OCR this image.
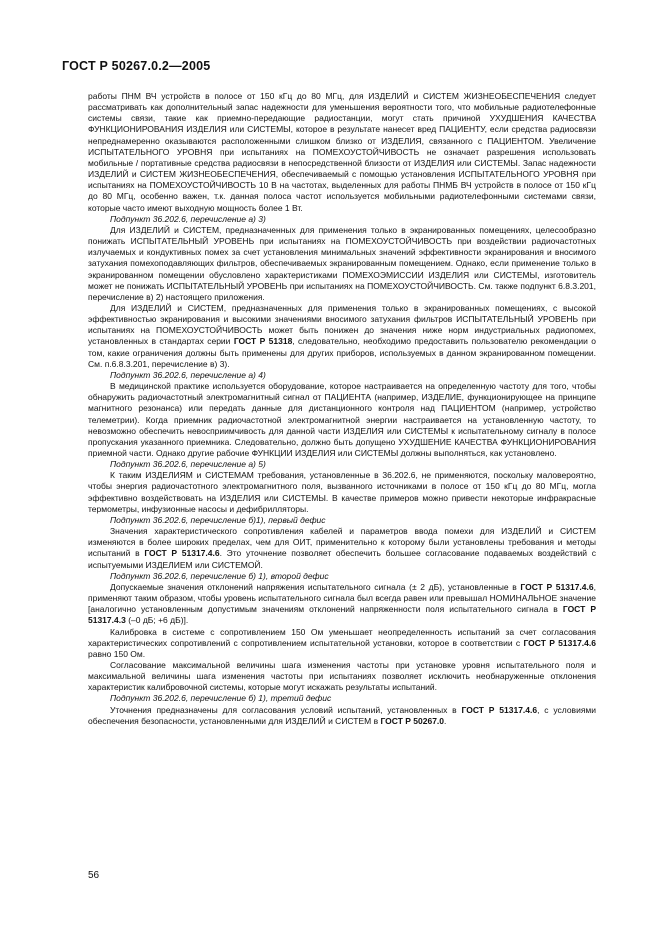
ГОСТ Р 50267.0.2—2005

работы ПНМ ВЧ устройств в полосе от 150 кГц до 80 МГц, для ИЗДЕЛИЙ и СИСТЕМ ЖИЗНЕОБЕСПЕЧЕНИЯ следует рассматривать как дополнительный запас надежности для уменьшения вероятности того, что мобильные радиотелефонные системы связи, такие как приемно-передающие радиостанции, могут стать причиной УХУДШЕНИЯ КАЧЕСТВА ФУНКЦИОНИРОВАНИЯ ИЗДЕЛИЯ или СИСТЕМЫ, которое в результате нанесет вред ПАЦИЕНТУ, если средства радиосвязи непреднамеренно оказываются расположенными слишком близко от ИЗДЕЛИЯ, связанного с ПАЦИЕНТОМ. Увеличение ИСПЫТАТЕЛЬНОГО УРОВНЯ при испытаниях на ПОМЕХОУСТОЙЧИВОСТЬ не означает разрешения использовать мобильные / портативные средства радиосвязи в непосредственной близости от ИЗДЕЛИЯ или СИСТЕМЫ. Запас надежности ИЗДЕЛИЙ и СИСТЕМ ЖИЗНЕОБЕСПЕЧЕНИЯ, обеспечиваемый с помощью установления ИСПЫТАТЕЛЬНОГО УРОВНЯ при испытаниях на ПОМЕХОУСТОЙЧИВОСТЬ 10 В на частотах, выделенных для работы ПНМБ ВЧ устройств в полосе от 150 кГц до 80 МГц, особенно важен, т.к. данная полоса частот используется мобильными радиотелефонными системами связи, которые часто имеют выходную мощность более 1 Вт.

Подпункт 36.202.6, перечисление а) 3)

Для ИЗДЕЛИЙ и СИСТЕМ, предназначенных для применения только в экранированных помещениях, целесообразно понижать ИСПЫТАТЕЛЬНЫЙ УРОВЕНЬ при испытаниях на ПОМЕХОУСТОЙЧИВОСТЬ при воздействии радиочастотных излучаемых и кондуктивных помех за счет установления минимальных значений эффективности экранирования и вносимого затухания помехоподавляющих фильтров, обеспечиваемых экранированным помещением. Однако, если применение только в экранированном помещении обусловлено характеристиками ПОМЕХОЭМИССИИ ИЗДЕЛИЯ или СИСТЕМЫ, изготовитель может не понижать ИСПЫТАТЕЛЬНЫЙ УРОВЕНЬ при испытаниях на ПОМЕХОУСТОЙЧИВОСТЬ. См. также подпункт 6.8.3.201, перечисление в) 2) настоящего приложения.

Для ИЗДЕЛИЙ и СИСТЕМ, предназначенных для применения только в экранированных помещениях, с высокой эффективностью экранирования и высокими значениями вносимого затухания фильтров ИСПЫТАТЕЛЬНЫЙ УРОВЕНЬ при испытаниях на ПОМЕХОУСТОЙЧИВОСТЬ может быть понижен до значения ниже норм индустриальных радиопомех, установленных в стандартах серии ГОСТ Р 51318, следовательно, необходимо предоставить пользователю рекомендации о том, какие ограничения должны быть применены для других приборов, используемых в данном экранированном помещении. См. п.6.8.3.201, перечисление в) 3).

Подпункт 36.202.6, перечисление а) 4)

В медицинской практике используется оборудование, которое настраивается на определенную частоту для того, чтобы обнаружить радиочастотный электромагнитный сигнал от ПАЦИЕНТА (например, ИЗДЕЛИЕ, функционирующее на принципе магнитного резонанса) или передать данные для дистанционного контроля над ПАЦИЕНТОМ (например, устройство телеметрии). Когда приемник радиочастотной электромагнитной энергии настраивается на установленную частоту, то невозможно обеспечить невосприимчивость для данной части ИЗДЕЛИЯ или СИСТЕМЫ к испытательному сигналу в полосе пропускания указанного приемника. Следовательно, должно быть допущено УХУДШЕНИЕ КАЧЕСТВА ФУНКЦИОНИРОВАНИЯ приемной части. Однако другие рабочие ФУНКЦИИ ИЗДЕЛИЯ или СИСТЕМЫ должны выполняться, как установлено.

Подпункт 36.202.6, перечисление а) 5)

К таким ИЗДЕЛИЯМ и СИСТЕМАМ требования, установленные в 36.202.6, не применяются, поскольку маловероятно, чтобы энергия радиочастотного электромагнитного поля, вызванного источниками в полосе от 150 кГц до 80 МГц, могла эффективно воздействовать на ИЗДЕЛИЯ или СИСТЕМЫ. В качестве примеров можно привести некоторые инфракрасные термометры, инфузионные насосы и дефибрилляторы.

Подпункт 36.202.6, перечисление б)1), первый дефис

Значения характеристического сопротивления кабелей и параметров ввода помехи для ИЗДЕЛИЙ и СИСТЕМ изменяются в более широких пределах, чем для ОИТ, применительно к которому были установлены требования и методы испытаний в ГОСТ Р 51317.4.6. Это уточнение позволяет обеспечить большее согласование подаваемых воздействий с испытуемыми ИЗДЕЛИЕМ или СИСТЕМОЙ.

Подпункт 36.202.6, перечисление б) 1), второй дефис

Допускаемые значения отклонений напряжения испытательного сигнала (± 2 дБ), установленные в ГОСТ Р 51317.4.6, применяют таким образом, чтобы уровень испытательного сигнала был всегда равен или превышал НОМИНАЛЬНОЕ значение [аналогично установленным допустимым значениям отклонений напряженности поля испытательного сигнала в ГОСТ Р 51317.4.3 (–0 дБ; +6 дБ)].

Калибровка в системе с сопротивлением 150 Ом уменьшает неопределенность испытаний за счет согласования характеристических сопротивлений с сопротивлением испытательной установки, которое в соответствии с ГОСТ Р 51317.4.6 равно 150 Ом.

Согласование максимальной величины шага изменения частоты при установке уровня испытательного поля и максимальной величины шага изменения частоты при испытаниях позволяет исключить необнаруженные отклонения характеристик калибровочной системы, которые могут искажать результаты испытаний.

Подпункт 36.202.6, перечисление б) 1), третий дефис

Уточнения предназначены для согласования условий испытаний, установленных в ГОСТ Р 51317.4.6, с условиями обеспечения безопасности, установленными для ИЗДЕЛИЙ и СИСТЕМ в ГОСТ Р 50267.0.

56
